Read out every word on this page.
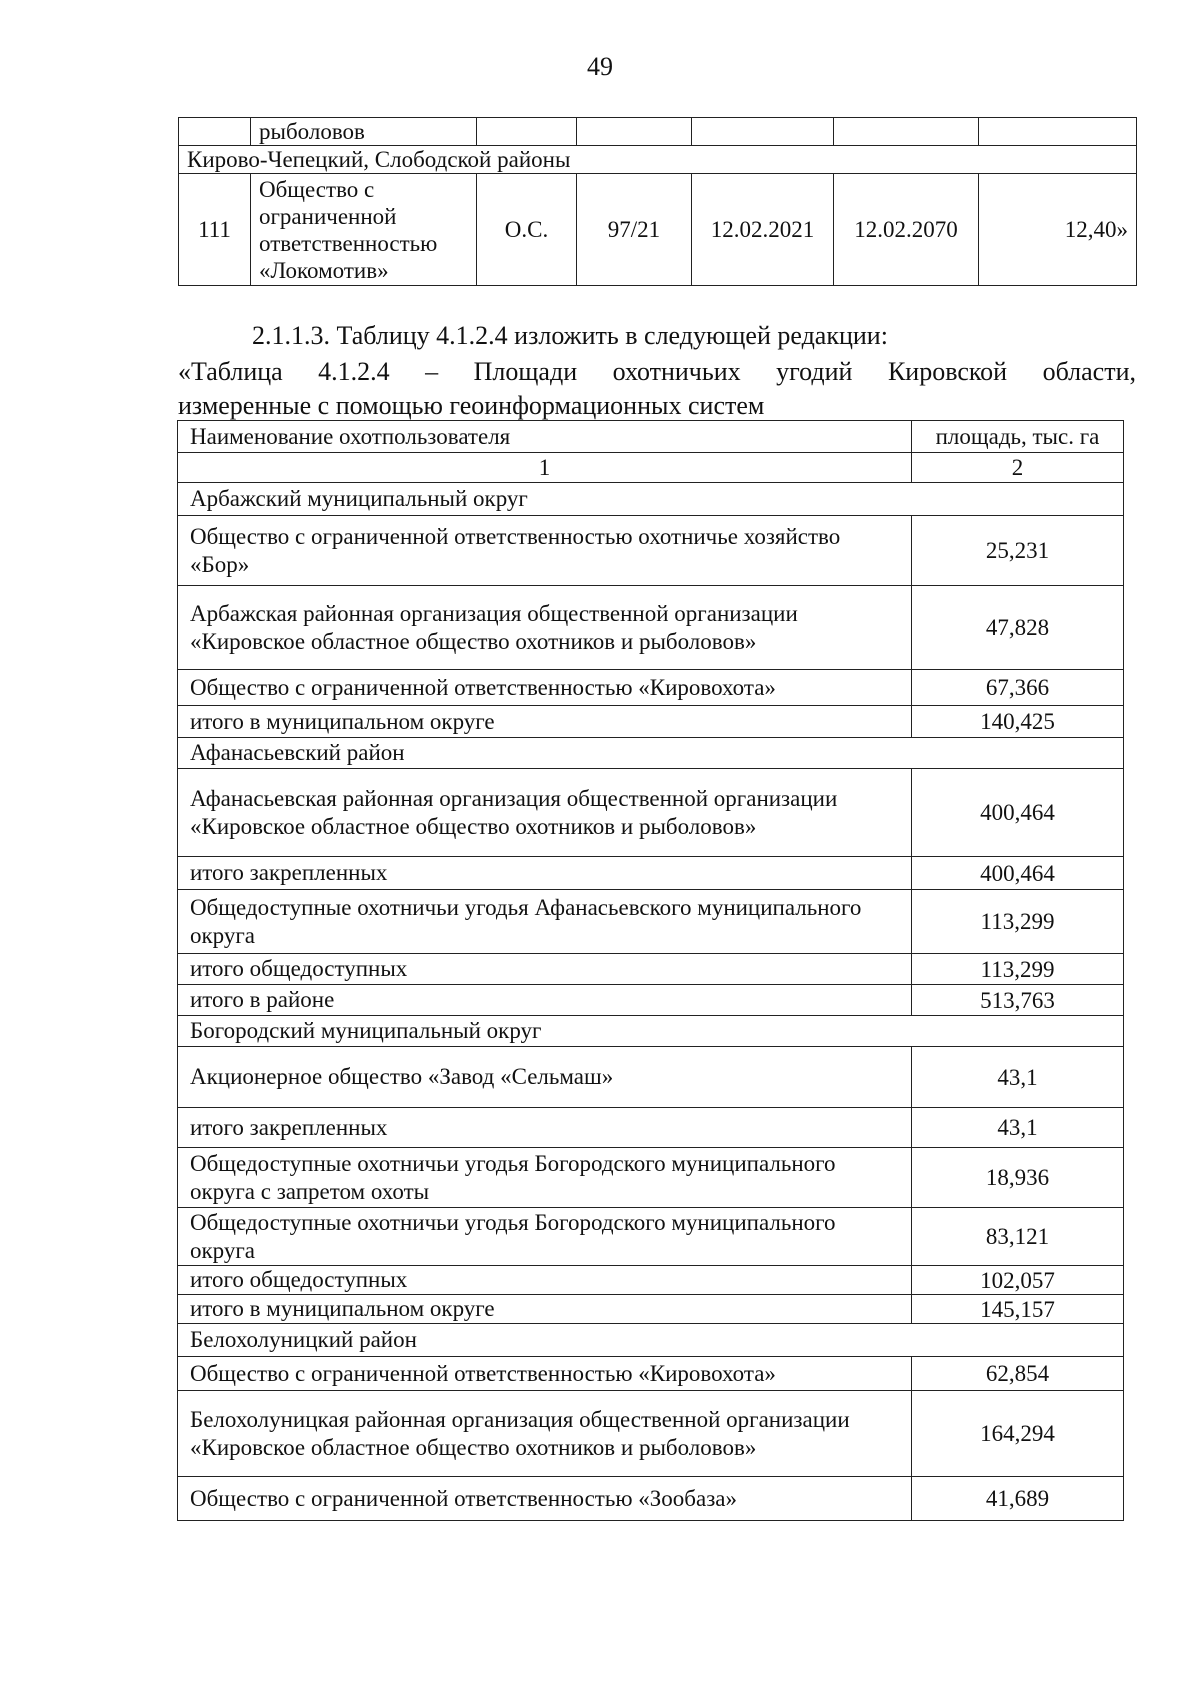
49
	рыболовов					
Кирово-Чепецкий, Слободской районы						
111	Общество с ограниченной ответственностью «Локомотив»	О.С.	97/21	12.02.2021	12.02.2070	12,40»
2.1.1.3. Таблицу 4.1.2.4 изложить в следующей редакции:
«Таблица 4.1.2.4 – Площади охотничьих угодий Кировской области,
измеренные с помощью геоинформационных систем
Наименование охотпользователя	площадь, тыс. га
1	2
Арбажский муниципальный округ	
Общество с ограниченной ответственностью охотничье хозяйство «Бор»	25,231
Арбажская районная организация общественной организации «Кировское областное общество охотников и рыболовов»	47,828
Общество с ограниченной ответственностью «Кировохота»	67,366
итого в муниципальном округе	140,425
Афанасьевский район	
Афанасьевская районная организация общественной организации «Кировское областное общество охотников и рыболовов»	400,464
итого закрепленных	400,464
Общедоступные охотничьи угодья Афанасьевского муниципального округа	113,299
итого общедоступных	113,299
итого в районе	513,763
Богородский муниципальный округ	
Акционерное общество «Завод «Сельмаш»	43,1
итого закрепленных	43,1
Общедоступные охотничьи угодья Богородского муниципального округа с запретом охоты	18,936
Общедоступные охотничьи угодья Богородского муниципального округа	83,121
итого общедоступных	102,057
итого в муниципальном округе	145,157
Белохолуницкий район	
Общество с ограниченной ответственностью «Кировохота»	62,854
Белохолуницкая районная организация общественной организации «Кировское областное общество охотников и рыболовов»	164,294
Общество с ограниченной ответственностью «Зообаза»	41,689
